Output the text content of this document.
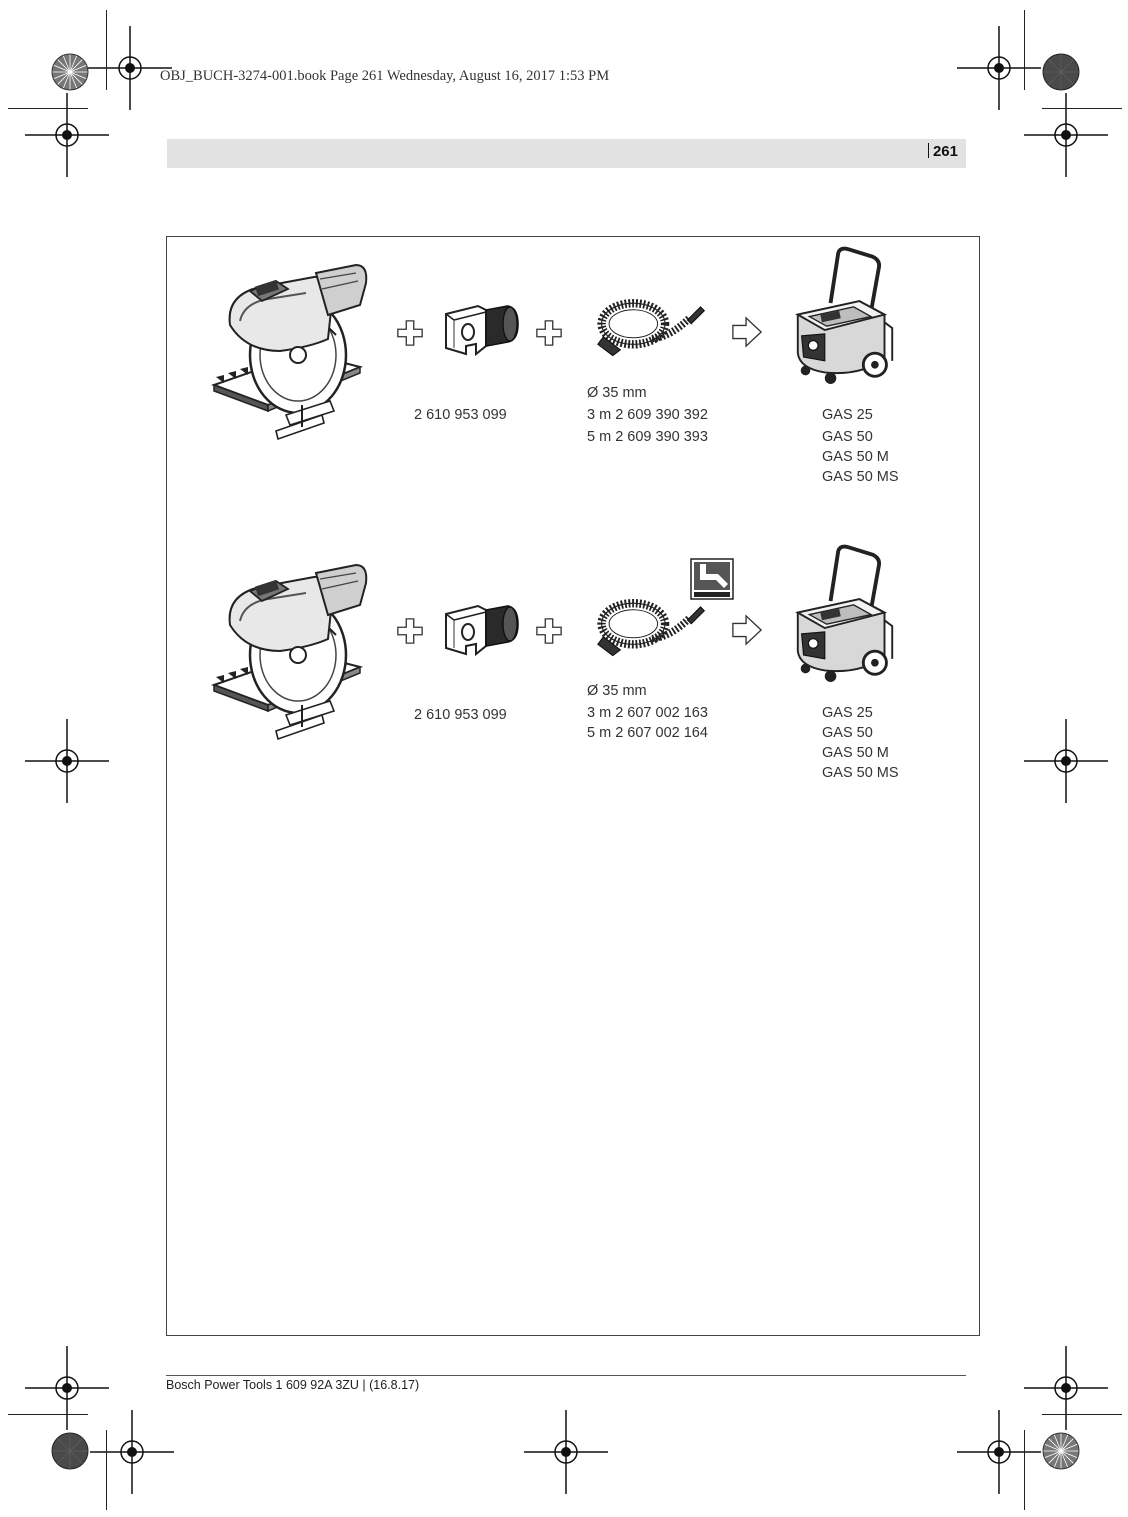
OBJ_BUCH-3274-001.book Page 261 Wednesday, August 16, 2017 1:53 PM
261
2 610 953 099
Ø 35 mm
3 m 2 609 390 392
5 m 2 609 390 393
GAS 25
GAS 50
GAS 50 M
GAS 50 MS
2 610 953 099
Ø 35 mm
3 m 2 607 002 163
5 m 2 607 002 164
GAS 25
GAS 50
GAS 50 M
GAS 50 MS
Bosch Power Tools 1 609 92A 3ZU | (16.8.17)
